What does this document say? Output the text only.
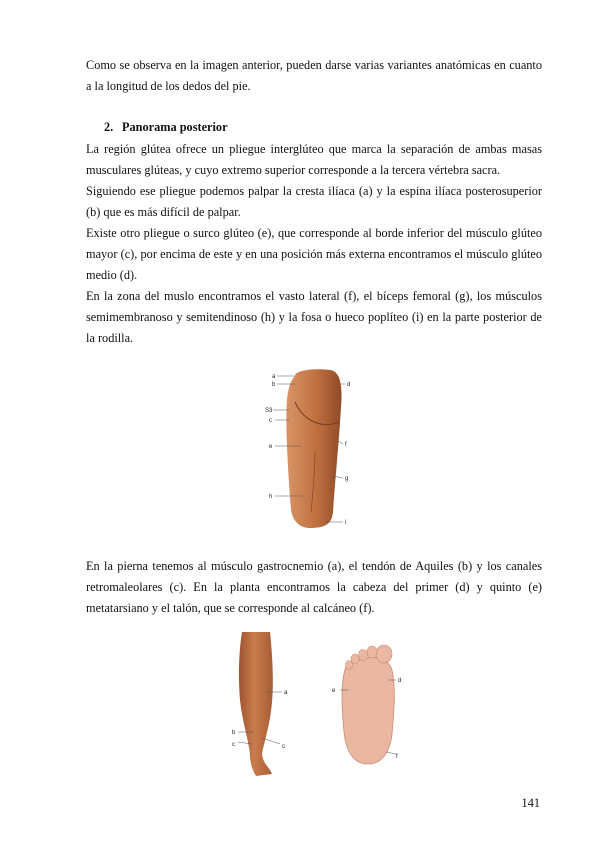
Como se observa en la imagen anterior, pueden darse varias variantes anatómicas en cuanto a la longitud de los dedos del pie.

2. Panorama posterior

La región glútea ofrece un pliegue interglúteo que marca la separación de ambas masas musculares glúteas, y cuyo extremo superior corresponde a la tercera vértebra sacra.

Siguiendo ese pliegue podemos palpar la cresta ilíaca (a) y la espina ilíaca posterosuperior (b) que es más difícil de palpar.

Existe otro pliegue o surco glúteo (e), que corresponde al borde inferior del músculo glúteo mayor (c), por encima de este y en una posición más externa encontramos el músculo glúteo medio (d).

En la zona del muslo encontramos el vasto lateral (f), el bíceps femoral (g), los músculos semimembranoso y semitendinoso (h) y la fosa o hueco poplíteo (i) en la parte posterior de la rodilla.

a
b
S3
c
e
h
d
f
g
i

En la pierna tenemos al músculo gastrocnemio (a), el tendón de Aquiles (b) y los canales retromaleolares (c). En la planta encontramos la cabeza del primer (d) y quinto (e) metatarsiano y el talón, que se corresponde al calcáneo (f).

a
b
c	c
d
e
f
141
